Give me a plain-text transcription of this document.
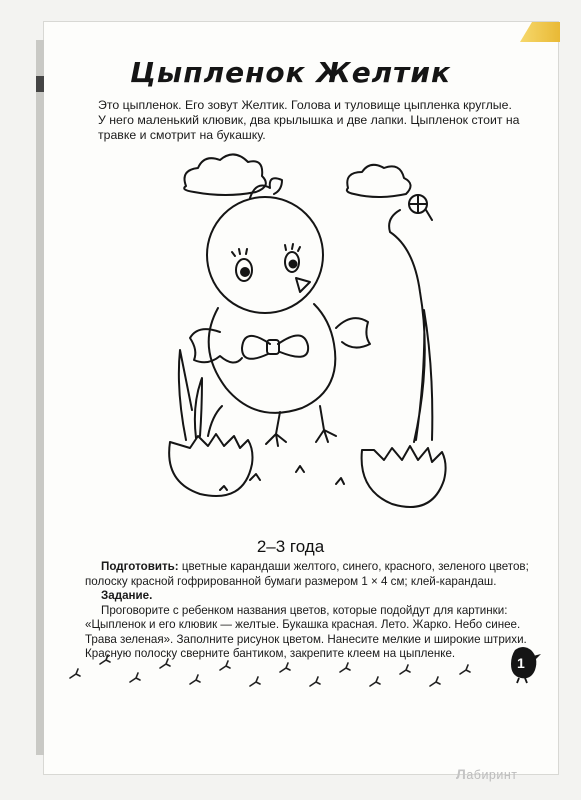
Цыпленок Желтик
Это цыпленок. Его зовут Желтик. Голова и туловище цыпленка круглые. У него маленький клювик, два крылышка и две лапки. Цыпленок стоит на травке и смотрит на букашку.
2–3 года

Подготовить: цветные карандаши желтого, синего, красного, зеленого цветов; полоску красной гофрированной бумаги размером 1 × 4 см; клей-карандаш.

Задание.

Проговорите с ребенком названия цветов, которые подойдут для картинки: «Цыпленок и его клювик — желтые. Букашка красная. Лето. Жарко. Небо синее. Трава зеленая». Заполните рисунок цветом. Нанесите мелкие и широкие штрихи. Красную полоску сверните бантиком, закрепите клеем на цыпленке.

1
Лабиринт
